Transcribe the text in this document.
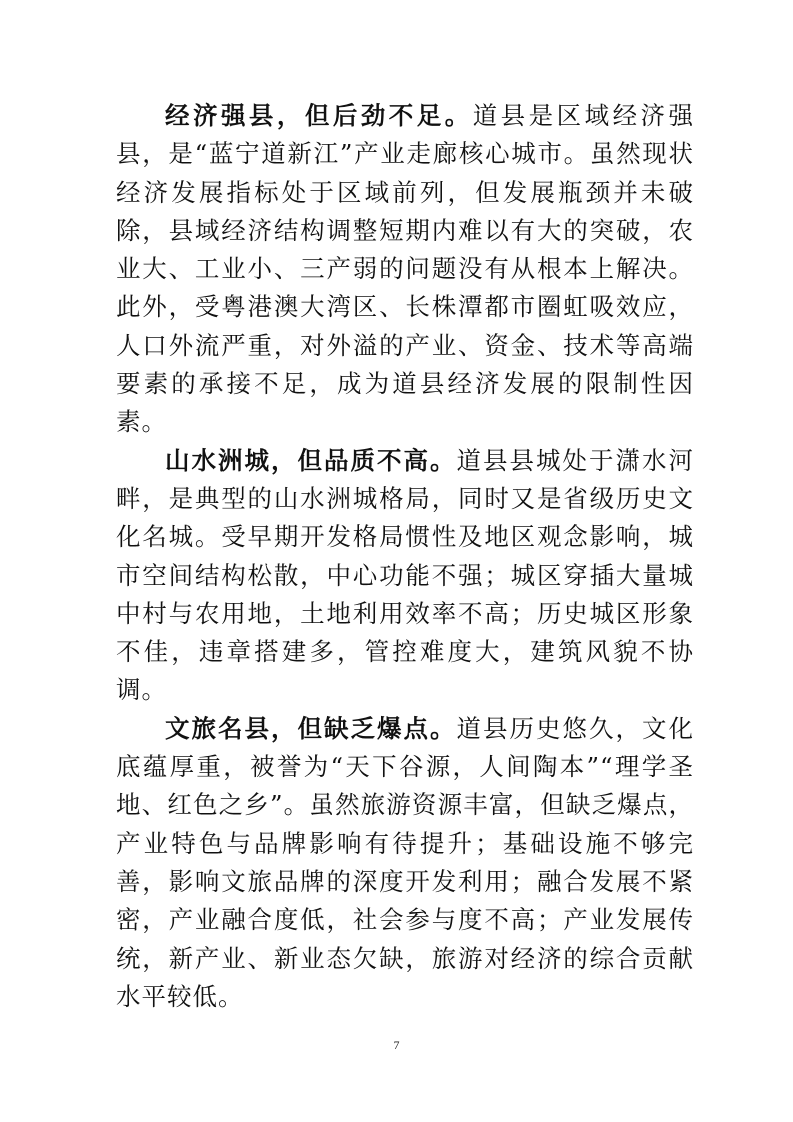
经济强县，但后劲不足。道县是区域经济强县，是“蓝宁道新江”产业走廊核心城市。虽然现状经济发展指标处于区域前列，但发展瓶颈并未破除，县域经济结构调整短期内难以有大的突破，农业大、工业小、三产弱的问题没有从根本上解决。此外，受粤港澳大湾区、长株潭都市圈虹吸效应，人口外流严重，对外溢的产业、资金、技术等高端要素的承接不足，成为道县经济发展的限制性因素。

山水洲城，但品质不高。道县县城处于潇水河畔，是典型的山水洲城格局，同时又是省级历史文化名城。受早期开发格局惯性及地区观念影响，城市空间结构松散，中心功能不强；城区穿插大量城中村与农用地，土地利用效率不高；历史城区形象不佳，违章搭建多，管控难度大，建筑风貌不协调。

文旅名县，但缺乏爆点。道县历史悠久，文化底蕴厚重，被誉为“天下谷源，人间陶本”“理学圣地、红色之乡”。虽然旅游资源丰富，但缺乏爆点，产业特色与品牌影响有待提升；基础设施不够完善，影响文旅品牌的深度开发利用；融合发展不紧密，产业融合度低，社会参与度不高；产业发展传统，新产业、新业态欠缺，旅游对经济的综合贡献水平较低。

7
